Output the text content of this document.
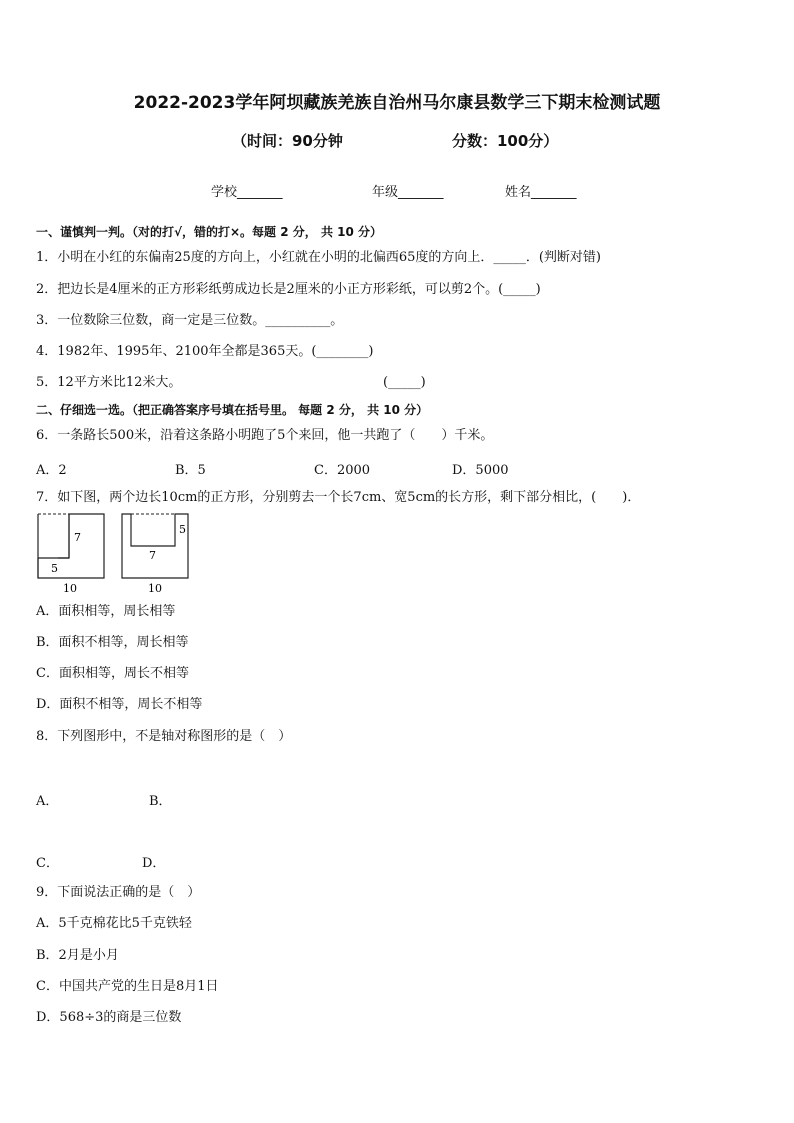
2022-2023学年阿坝藏族羌族自治州马尔康县数学三下期末检测试题
（时间：90分钟	分数：100分）
学校_______	年级_______	姓名_______
一、谨慎判一判。（对的打√，错的打×。每题 2 分， 共 10 分）
1．小明在小红的东偏南25度的方向上，小红就在小明的北偏西65度的方向上．_____．(判断对错)
2．把边长是4厘米的正方形彩纸剪成边长是2厘米的小正方形彩纸，可以剪2个。(_____)
3．一位数除三位数，商一定是三位数。__________。
4．1982年、1995年、2100年全都是365天。(________)
5．12平方米比12米大。	(_____)
二、仔细选一选。（把正确答案序号填在括号里。 每题 2 分， 共 10 分）
6．一条路长500米，沿着这条路小明跑了5个来回，他一共跑了（　　）千米。
A．2	B．5	C．2000	D．5000
7．如下图，两个边长10cm的正方形，分别剪去一个长7cm、宽5cm的长方形，剩下部分相比，(　　)．
7
5
10
5
7
10
A．面积相等，周长相等
B．面积不相等，周长相等
C．面积相等，周长不相等
D．面积不相等，周长不相等
8．下列图形中，不是轴对称图形的是（　）
A．	B．
C．	D．
9．下面说法正确的是（　）
A．5千克棉花比5千克铁轻
B．2月是小月
C．中国共产党的生日是8月1日
D．568÷3的商是三位数
